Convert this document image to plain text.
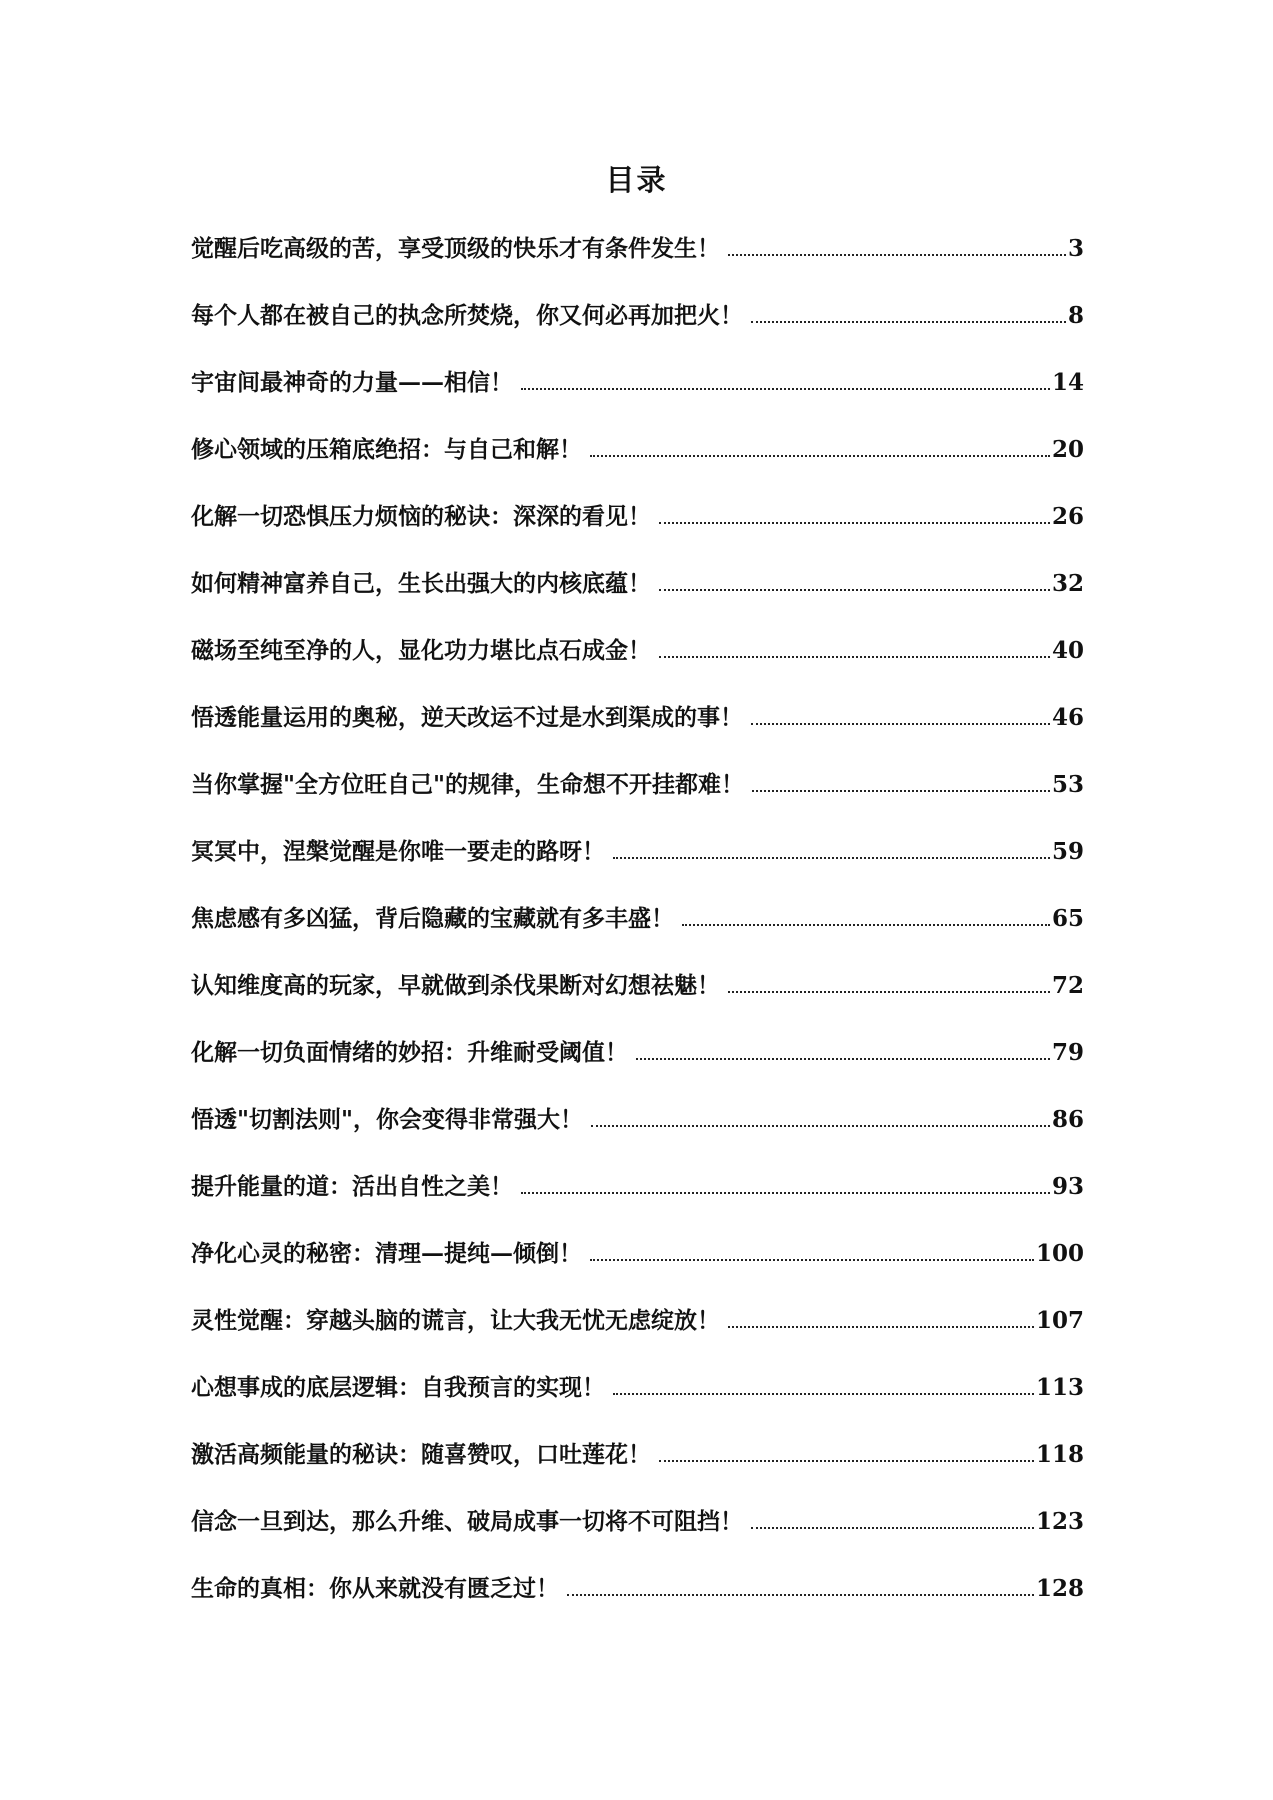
目录
觉醒后吃高级的苦，享受顶级的快乐才有条件发生！	3
每个人都在被自己的执念所焚烧，你又何必再加把火！	8
宇宙间最神奇的力量——相信！	14
修心领域的压箱底绝招：与自己和解！	20
化解一切恐惧压力烦恼的秘诀：深深的看见！	26
如何精神富养自己，生长出强大的内核底蕴！	32
磁场至纯至净的人，显化功力堪比点石成金！	40
悟透能量运用的奥秘，逆天改运不过是水到渠成的事！	46
当你掌握"全方位旺自己"的规律，生命想不开挂都难！	53
冥冥中，涅槃觉醒是你唯一要走的路呀！	59
焦虑感有多凶猛，背后隐藏的宝藏就有多丰盛！	65
认知维度高的玩家，早就做到杀伐果断对幻想祛魅！	72
化解一切负面情绪的妙招：升维耐受阈值！	79
悟透"切割法则"，你会变得非常强大！	86
提升能量的道：活出自性之美！	93
净化心灵的秘密：清理—提纯—倾倒！	100
灵性觉醒：穿越头脑的谎言，让大我无忧无虑绽放！	107
心想事成的底层逻辑：自我预言的实现！	113
激活高频能量的秘诀：随喜赞叹，口吐莲花！	118
信念一旦到达，那么升维、破局成事一切将不可阻挡！	123
生命的真相：你从来就没有匮乏过！	128
